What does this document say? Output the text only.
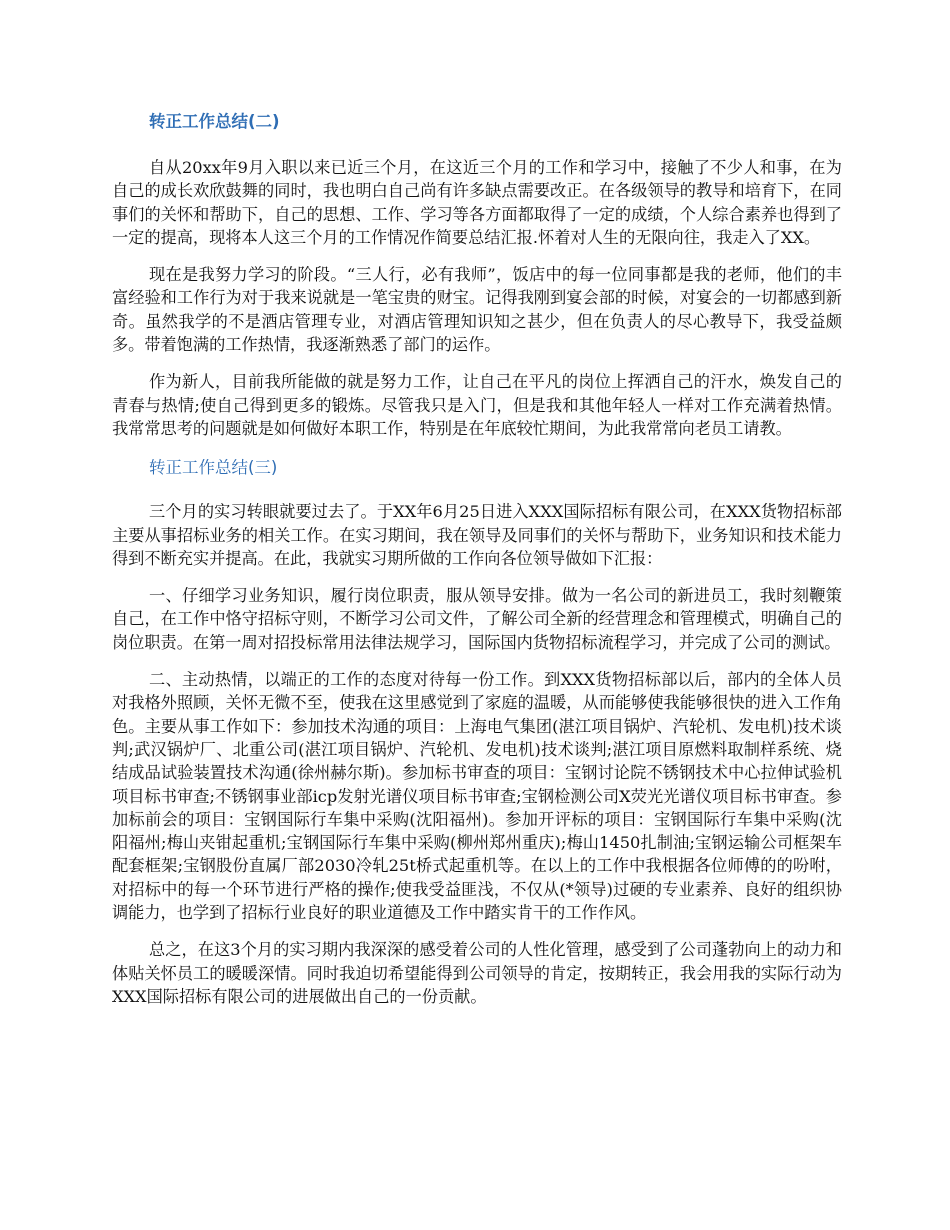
转正工作总结(二)

自从20xx年9月入职以来已近三个月，在这近三个月的工作和学习中，接触了不少人和事，在为自己的成长欢欣鼓舞的同时，我也明白自己尚有许多缺点需要改正。在各级领导的教导和培育下，在同事们的关怀和帮助下，自己的思想、工作、学习等各方面都取得了一定的成绩，个人综合素养也得到了一定的提高，现将本人这三个月的工作情况作简要总结汇报.怀着对人生的无限向往，我走入了XX。

现在是我努力学习的阶段。“三人行，必有我师”，饭店中的每一位同事都是我的老师，他们的丰富经验和工作行为对于我来说就是一笔宝贵的财宝。记得我刚到宴会部的时候，对宴会的一切都感到新奇。虽然我学的不是酒店管理专业，对酒店管理知识知之甚少，但在负责人的尽心教导下，我受益颇多。带着饱满的工作热情，我逐渐熟悉了部门的运作。

作为新人，目前我所能做的就是努力工作，让自己在平凡的岗位上挥洒自己的汗水，焕发自己的青春与热情;使自己得到更多的锻炼。尽管我只是入门，但是我和其他年轻人一样对工作充满着热情。我常常思考的问题就是如何做好本职工作，特别是在年底较忙期间，为此我常常向老员工请教。

转正工作总结(三)

三个月的实习转眼就要过去了。于XX年6月25日进入XXX国际招标有限公司，在XXX货物招标部主要从事招标业务的相关工作。在实习期间，我在领导及同事们的关怀与帮助下，业务知识和技术能力得到不断充实并提高。在此，我就实习期所做的工作向各位领导做如下汇报：

一、仔细学习业务知识，履行岗位职责，服从领导安排。做为一名公司的新进员工，我时刻鞭策自己，在工作中恪守招标守则，不断学习公司文件，了解公司全新的经营理念和管理模式，明确自己的岗位职责。在第一周对招投标常用法律法规学习，国际国内货物招标流程学习，并完成了公司的测试。

二、主动热情，以端正的工作的态度对待每一份工作。到XXX货物招标部以后，部内的全体人员对我格外照顾，关怀无微不至，使我在这里感觉到了家庭的温暖，从而能够使我能够很快的进入工作角色。主要从事工作如下：参加技术沟通的项目：上海电气集团(湛江项目锅炉、汽轮机、发电机)技术谈判;武汉锅炉厂、北重公司(湛江项目锅炉、汽轮机、发电机)技术谈判;湛江项目原燃料取制样系统、烧结成品试验装置技术沟通(徐州赫尔斯)。参加标书审查的项目：宝钢讨论院不锈钢技术中心拉伸试验机项目标书审查;不锈钢事业部icp发射光谱仪项目标书审查;宝钢检测公司X荧光光谱仪项目标书审查。参加标前会的项目：宝钢国际行车集中采购(沈阳福州)。参加开评标的项目：宝钢国际行车集中采购(沈阳福州;梅山夹钳起重机;宝钢国际行车集中采购(柳州郑州重庆);梅山1450扎制油;宝钢运输公司框架车配套框架;宝钢股份直属厂部2030冷轧25t桥式起重机等。在以上的工作中我根据各位师傅的的吩咐，对招标中的每一个环节进行严格的操作;使我受益匪浅，不仅从(*领导)过硬的专业素养、良好的组织协调能力，也学到了招标行业良好的职业道德及工作中踏实肯干的工作作风。

总之，在这3个月的实习期内我深深的感受着公司的人性化管理，感受到了公司蓬勃向上的动力和体贴关怀员工的暖暖深情。同时我迫切希望能得到公司领导的肯定，按期转正，我会用我的实际行动为XXX国际招标有限公司的进展做出自己的一份贡献。
